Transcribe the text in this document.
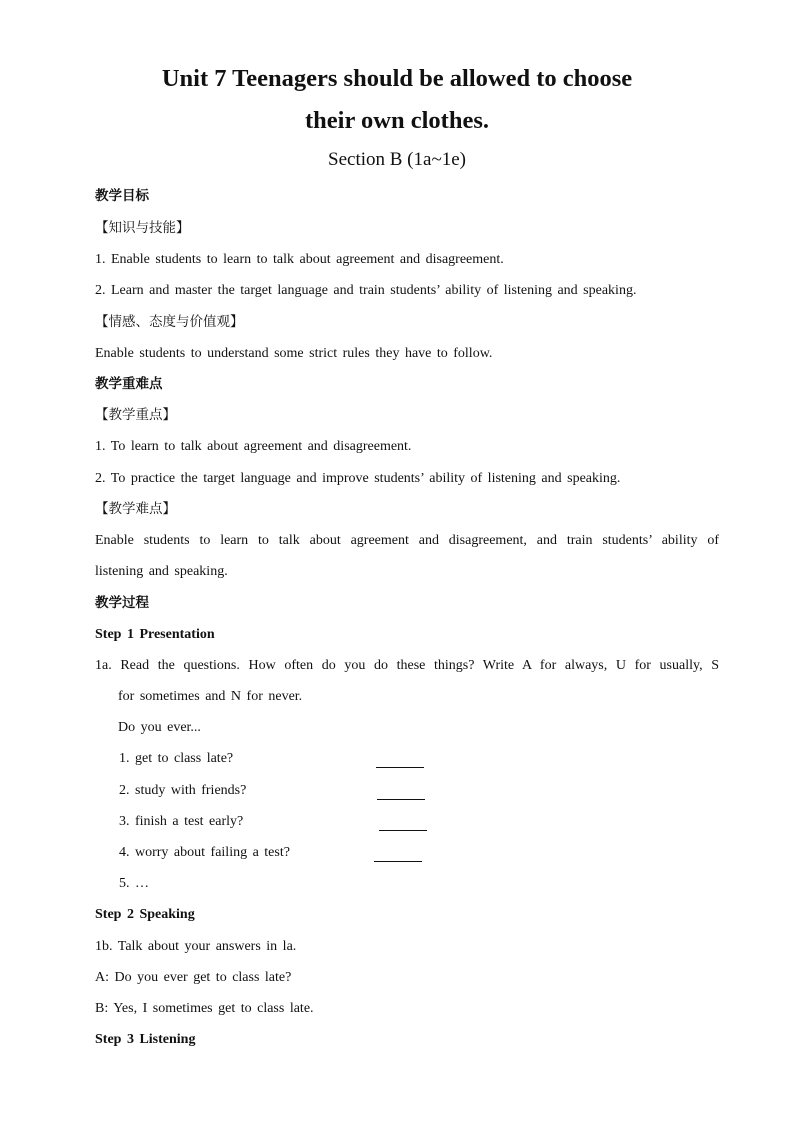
Unit 7 Teenagers should be allowed to choose
their own clothes.
Section B (1a~1e)
教学目标
【知识与技能】
1. Enable students to learn to talk about agreement and disagreement.
2. Learn and master the target language and train students’ ability of listening and speaking.
【情感、态度与价值观】
Enable students to understand some strict rules they have to follow.
教学重难点
【教学重点】
1. To learn to talk about agreement and disagreement.
2. To practice the target language and improve students’ ability of listening and speaking.
【教学难点】
Enable students to learn to talk about agreement and disagreement, and train students’ ability of
listening and speaking.
教学过程
Step 1 Presentation
1a. Read the questions. How often do you do these things? Write A for always, U for usually, S
for sometimes and N for never.
Do you ever...
1. get to class late?
2. study with friends?
3. finish a test early?
4. worry about failing a test?
5. …
Step 2 Speaking
1b. Talk about your answers in la.
A: Do you ever get to class late?
B: Yes, I sometimes get to class late.
Step 3 Listening
